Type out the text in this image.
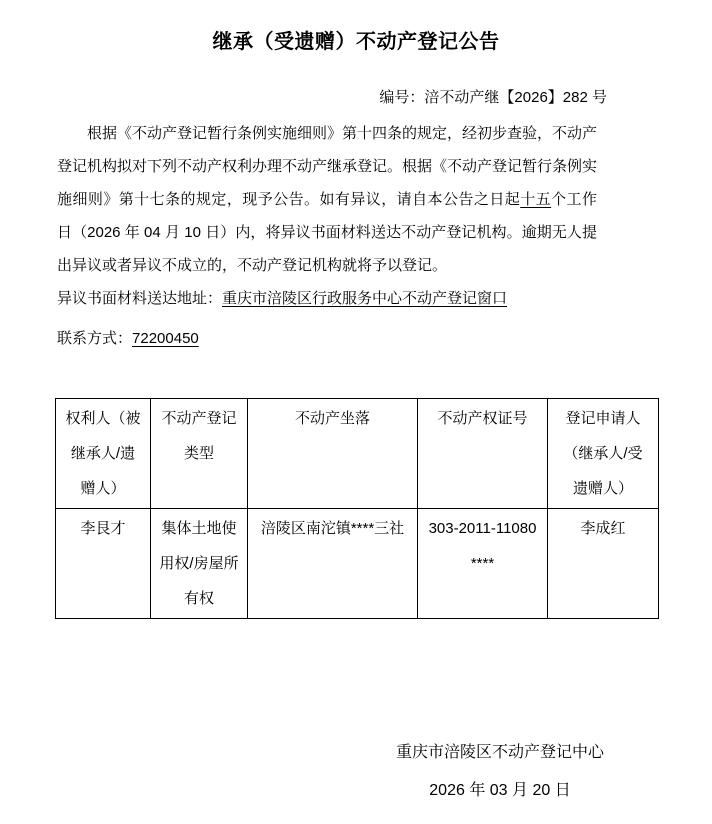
继承（受遗赠）不动产登记公告
编号：涪不动产继【2026】282 号

根据《不动产登记暂行条例实施细则》第十四条的规定，经初步查验，不动产登记机构拟对下列不动产权利办理不动产继承登记。根据《不动产登记暂行条例实施细则》第十七条的规定，现予公告。如有异议，请自本公告之日起十五个工作日（2026 年 04 月 10 日）内，将异议书面材料送达不动产登记机构。逾期无人提出异议或者异议不成立的，不动产登记机构就将予以登记。

异议书面材料送达地址：重庆市涪陵区行政服务中心不动产登记窗口
联系方式：72200450
权利人（被继承人/遗赠人）	不动产登记类型	不动产坐落	不动产权证号	登记申请人（继承人/受遗赠人）
李艮才	集体土地使用权/房屋所有权	涪陵区南沱镇****三社	303-2011-11080****	李成红
重庆市涪陵区不动产登记中心
2026 年 03 月 20 日
